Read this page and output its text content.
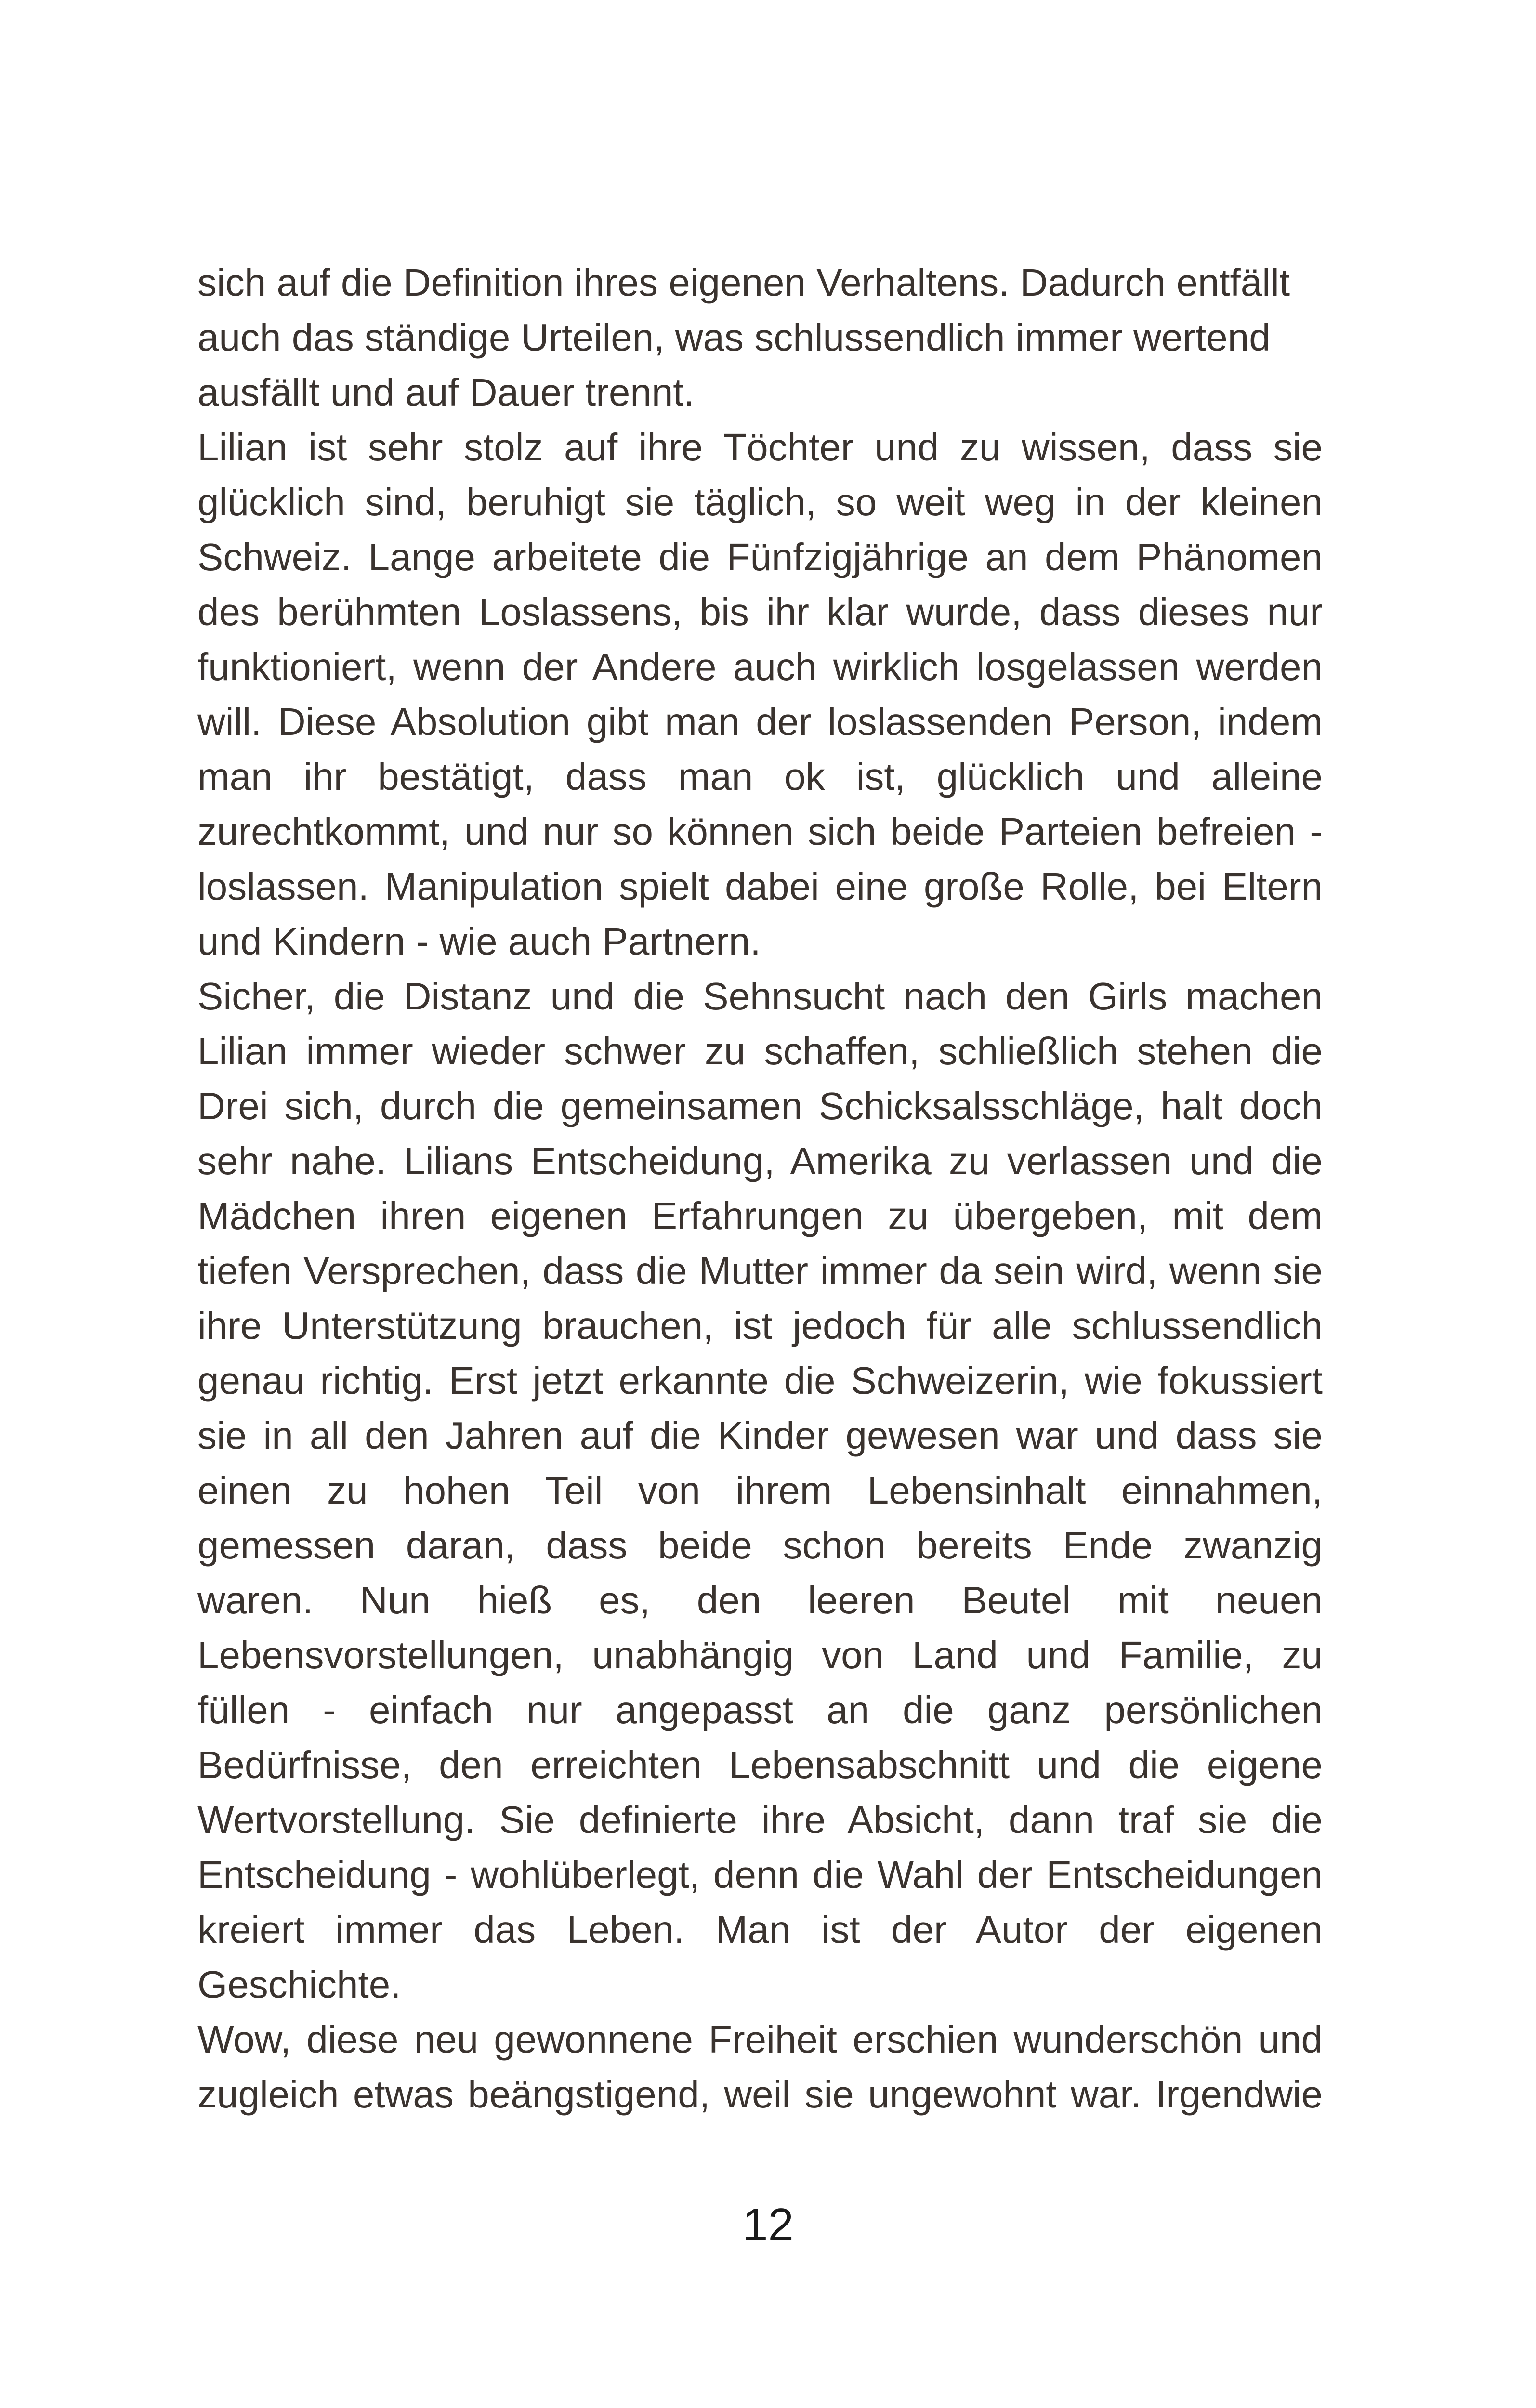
sich auf die Definition ihres eigenen Verhaltens. Dadurch entfällt
auch das ständige Urteilen, was schlussendlich immer wertend
ausfällt und auf Dauer trennt.
Lilian ist sehr stolz auf ihre Töchter und zu wissen, dass sie
glücklich sind, beruhigt sie täglich, so weit weg in der kleinen
Schweiz. Lange arbeitete die Fünfzigjährige an dem Phänomen
des berühmten Loslassens, bis ihr klar wurde, dass dieses nur
funktioniert, wenn der Andere auch wirklich losgelassen werden
will. Diese Absolution gibt man der loslassenden Person, indem
man ihr bestätigt, dass man ok ist, glücklich und alleine
zurechtkommt, und nur so können sich beide Parteien befreien -
loslassen. Manipulation spielt dabei eine große Rolle, bei Eltern
und Kindern - wie auch Partnern.
Sicher, die Distanz und die Sehnsucht nach den Girls machen
Lilian immer wieder schwer zu schaffen, schließlich stehen die
Drei sich, durch die gemeinsamen Schicksalsschläge, halt doch
sehr nahe. Lilians Entscheidung, Amerika zu verlassen und die
Mädchen ihren eigenen Erfahrungen zu übergeben, mit dem
tiefen Versprechen, dass die Mutter immer da sein wird, wenn sie
ihre Unterstützung brauchen, ist jedoch für alle schlussendlich
genau richtig. Erst jetzt erkannte die Schweizerin, wie fokussiert
sie in all den Jahren auf die Kinder gewesen war und dass sie
einen zu hohen Teil von ihrem Lebensinhalt einnahmen,
gemessen daran, dass beide schon bereits Ende zwanzig
waren. Nun hieß es, den leeren Beutel mit neuen
Lebensvorstellungen, unabhängig von Land und Familie, zu
füllen - einfach nur angepasst an die ganz persönlichen
Bedürfnisse, den erreichten Lebensabschnitt und die eigene
Wertvorstellung. Sie definierte ihre Absicht, dann traf sie die
Entscheidung - wohlüberlegt, denn die Wahl der Entscheidungen
kreiert immer das Leben. Man ist der Autor der eigenen
Geschichte.
Wow, diese neu gewonnene Freiheit erschien wunderschön und
zugleich etwas beängstigend, weil sie ungewohnt war. Irgendwie
12
